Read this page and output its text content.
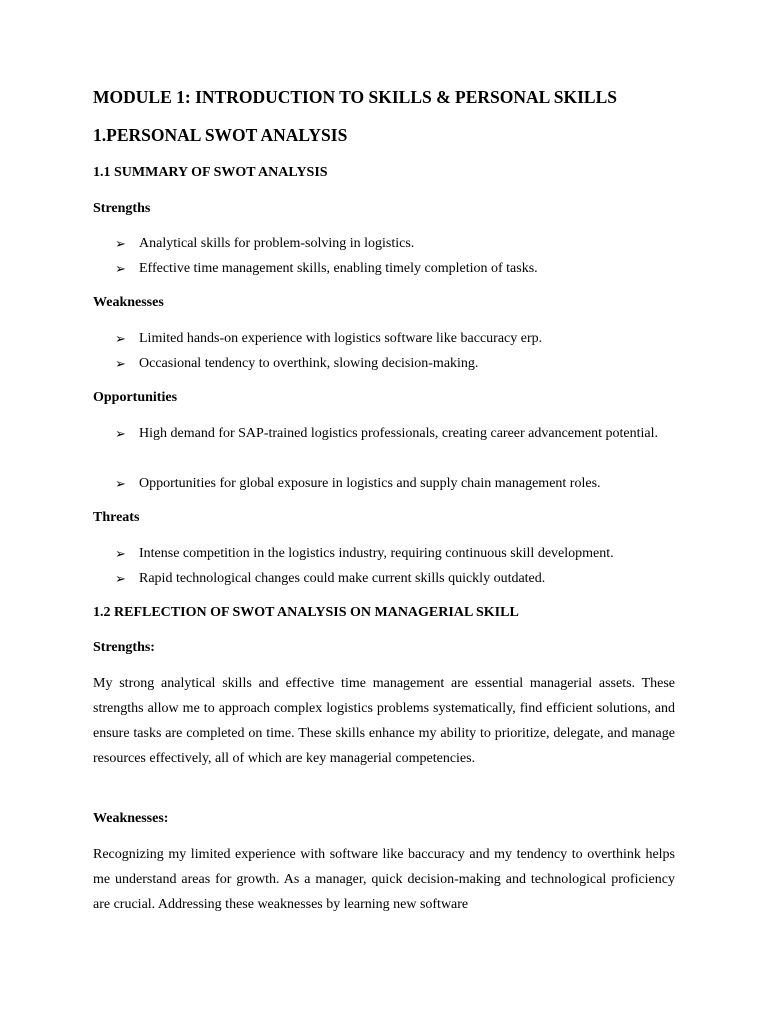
MODULE 1: INTRODUCTION TO SKILLS & PERSONAL SKILLS
1.PERSONAL SWOT ANALYSIS
1.1 SUMMARY OF SWOT ANALYSIS
Strengths
➢ Analytical skills for problem-solving in logistics.
➢ Effective time management skills, enabling timely completion of tasks.
Weaknesses
➢ Limited hands-on experience with logistics software like baccuracy erp.
➢ Occasional tendency to overthink, slowing decision-making.
Opportunities
➢ High demand for SAP-trained logistics professionals, creating career advancement potential.
➢ Opportunities for global exposure in logistics and supply chain management roles.
Threats
➢ Intense competition in the logistics industry, requiring continuous skill development.
➢ Rapid technological changes could make current skills quickly outdated.
1.2 REFLECTION OF SWOT ANALYSIS ON MANAGERIAL SKILL
Strengths:
My strong analytical skills and effective time management are essential managerial assets. These strengths allow me to approach complex logistics problems systematically, find efficient solutions, and ensure tasks are completed on time. These skills enhance my ability to prioritize, delegate, and manage resources effectively, all of which are key managerial competencies.
Weaknesses:
Recognizing my limited experience with software like baccuracy and my tendency to overthink helps me understand areas for growth. As a manager, quick decision-making and technological proficiency are crucial. Addressing these weaknesses by learning new software
